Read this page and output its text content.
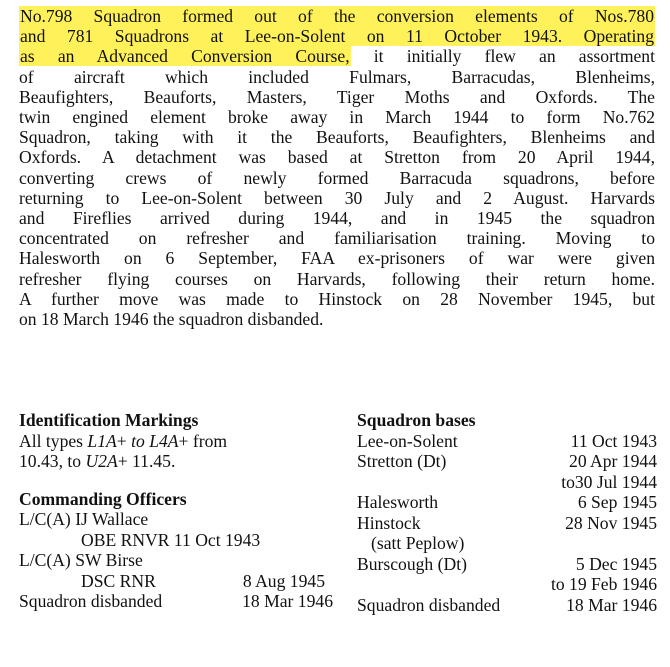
No.798 Squadron formed out of the conversion elements of Nos.780
and 781 Squadrons at Lee-on-Solent on 11 October 1943. Operating
as an Advanced Conversion Course, it initially flew an assortment
of aircraft which included Fulmars, Barracudas, Blenheims,
Beaufighters, Beauforts, Masters, Tiger Moths and Oxfords. The
twin engined element broke away in March 1944 to form No.762
Squadron, taking with it the Beauforts, Beaufighters, Blenheims and
Oxfords. A detachment was based at Stretton from 20 April 1944,
converting crews of newly formed Barracuda squadrons, before
returning to Lee-on-Solent between 30 July and 2 August. Harvards
and Fireflies arrived during 1944, and in 1945 the squadron
concentrated on refresher and familiarisation training. Moving to
Halesworth on 6 September, FAA ex-prisoners of war were given
refresher flying courses on Harvards, following their return home.
A further move was made to Hinstock on 28 November 1945, but
on 18 March 1946 the squadron disbanded.
Identification Markings
All types L1A+ to L4A+ from
10.43, to U2A+ 11.45.
Commanding Officers
L/C(A) IJ Wallace
OBE RNVR 11 Oct 1943
L/C(A) SW Birse
DSC RNR	8 Aug 1945
Squadron disbanded	18 Mar 1946
Squadron bases
Lee-on-Solent	11 Oct 1943
Stretton (Dt)	20 Apr 1944
to30 Jul 1944
Halesworth	6 Sep 1945
Hinstock	28 Nov 1945
(satt Peplow)
Burscough (Dt)	5 Dec 1945
to 19 Feb 1946
Squadron disbanded	18 Mar 1946
